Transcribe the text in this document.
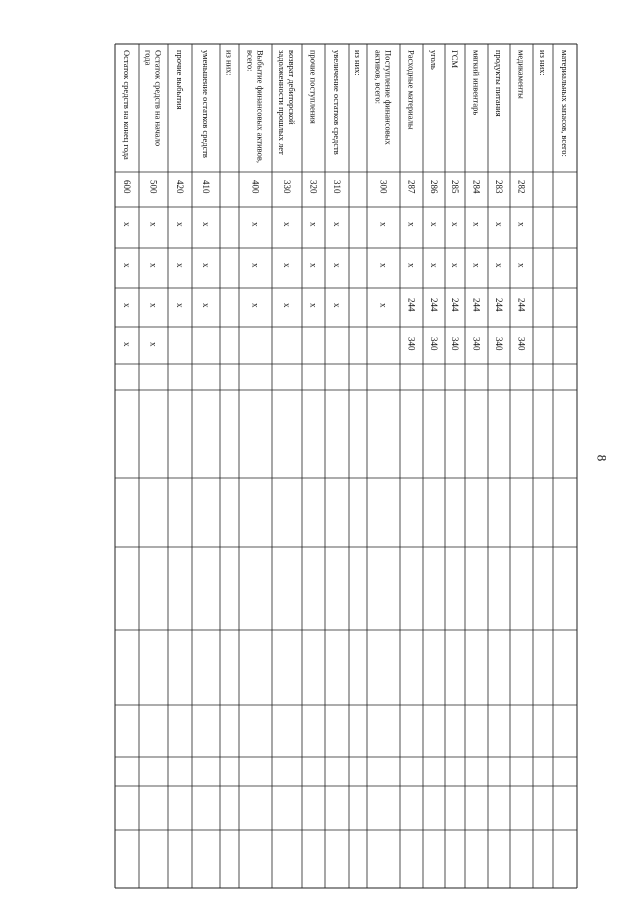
8
материальных запасов, всего:
из них:
медикаменты
282
x
x
244
340
продукты питания
283
x
x
244
340
мягкий инвентарь
284
x
x
244
340
ГСМ
285
x
x
244
340
уголь
286
x
x
244
340
Расходные материалы
287
x
x
244
340
Поступление финансовых
активов, всего:
300
x
x
x
из них:
увеличение остатков средств
310
x
x
x
прочие поступления
320
x
x
x
возврат дебиторской
задолженности прошлых лет
330
x
x
x
Выбытие финансовых активов,
всего:
400
x
x
x
из них:
уменьшение остатков средств
410
x
x
x
прочие выбытия
420
x
x
x
Остаток средств на начало
года
500
x
x
x
x
Остаток средств на конец года
600
x
x
x
x
